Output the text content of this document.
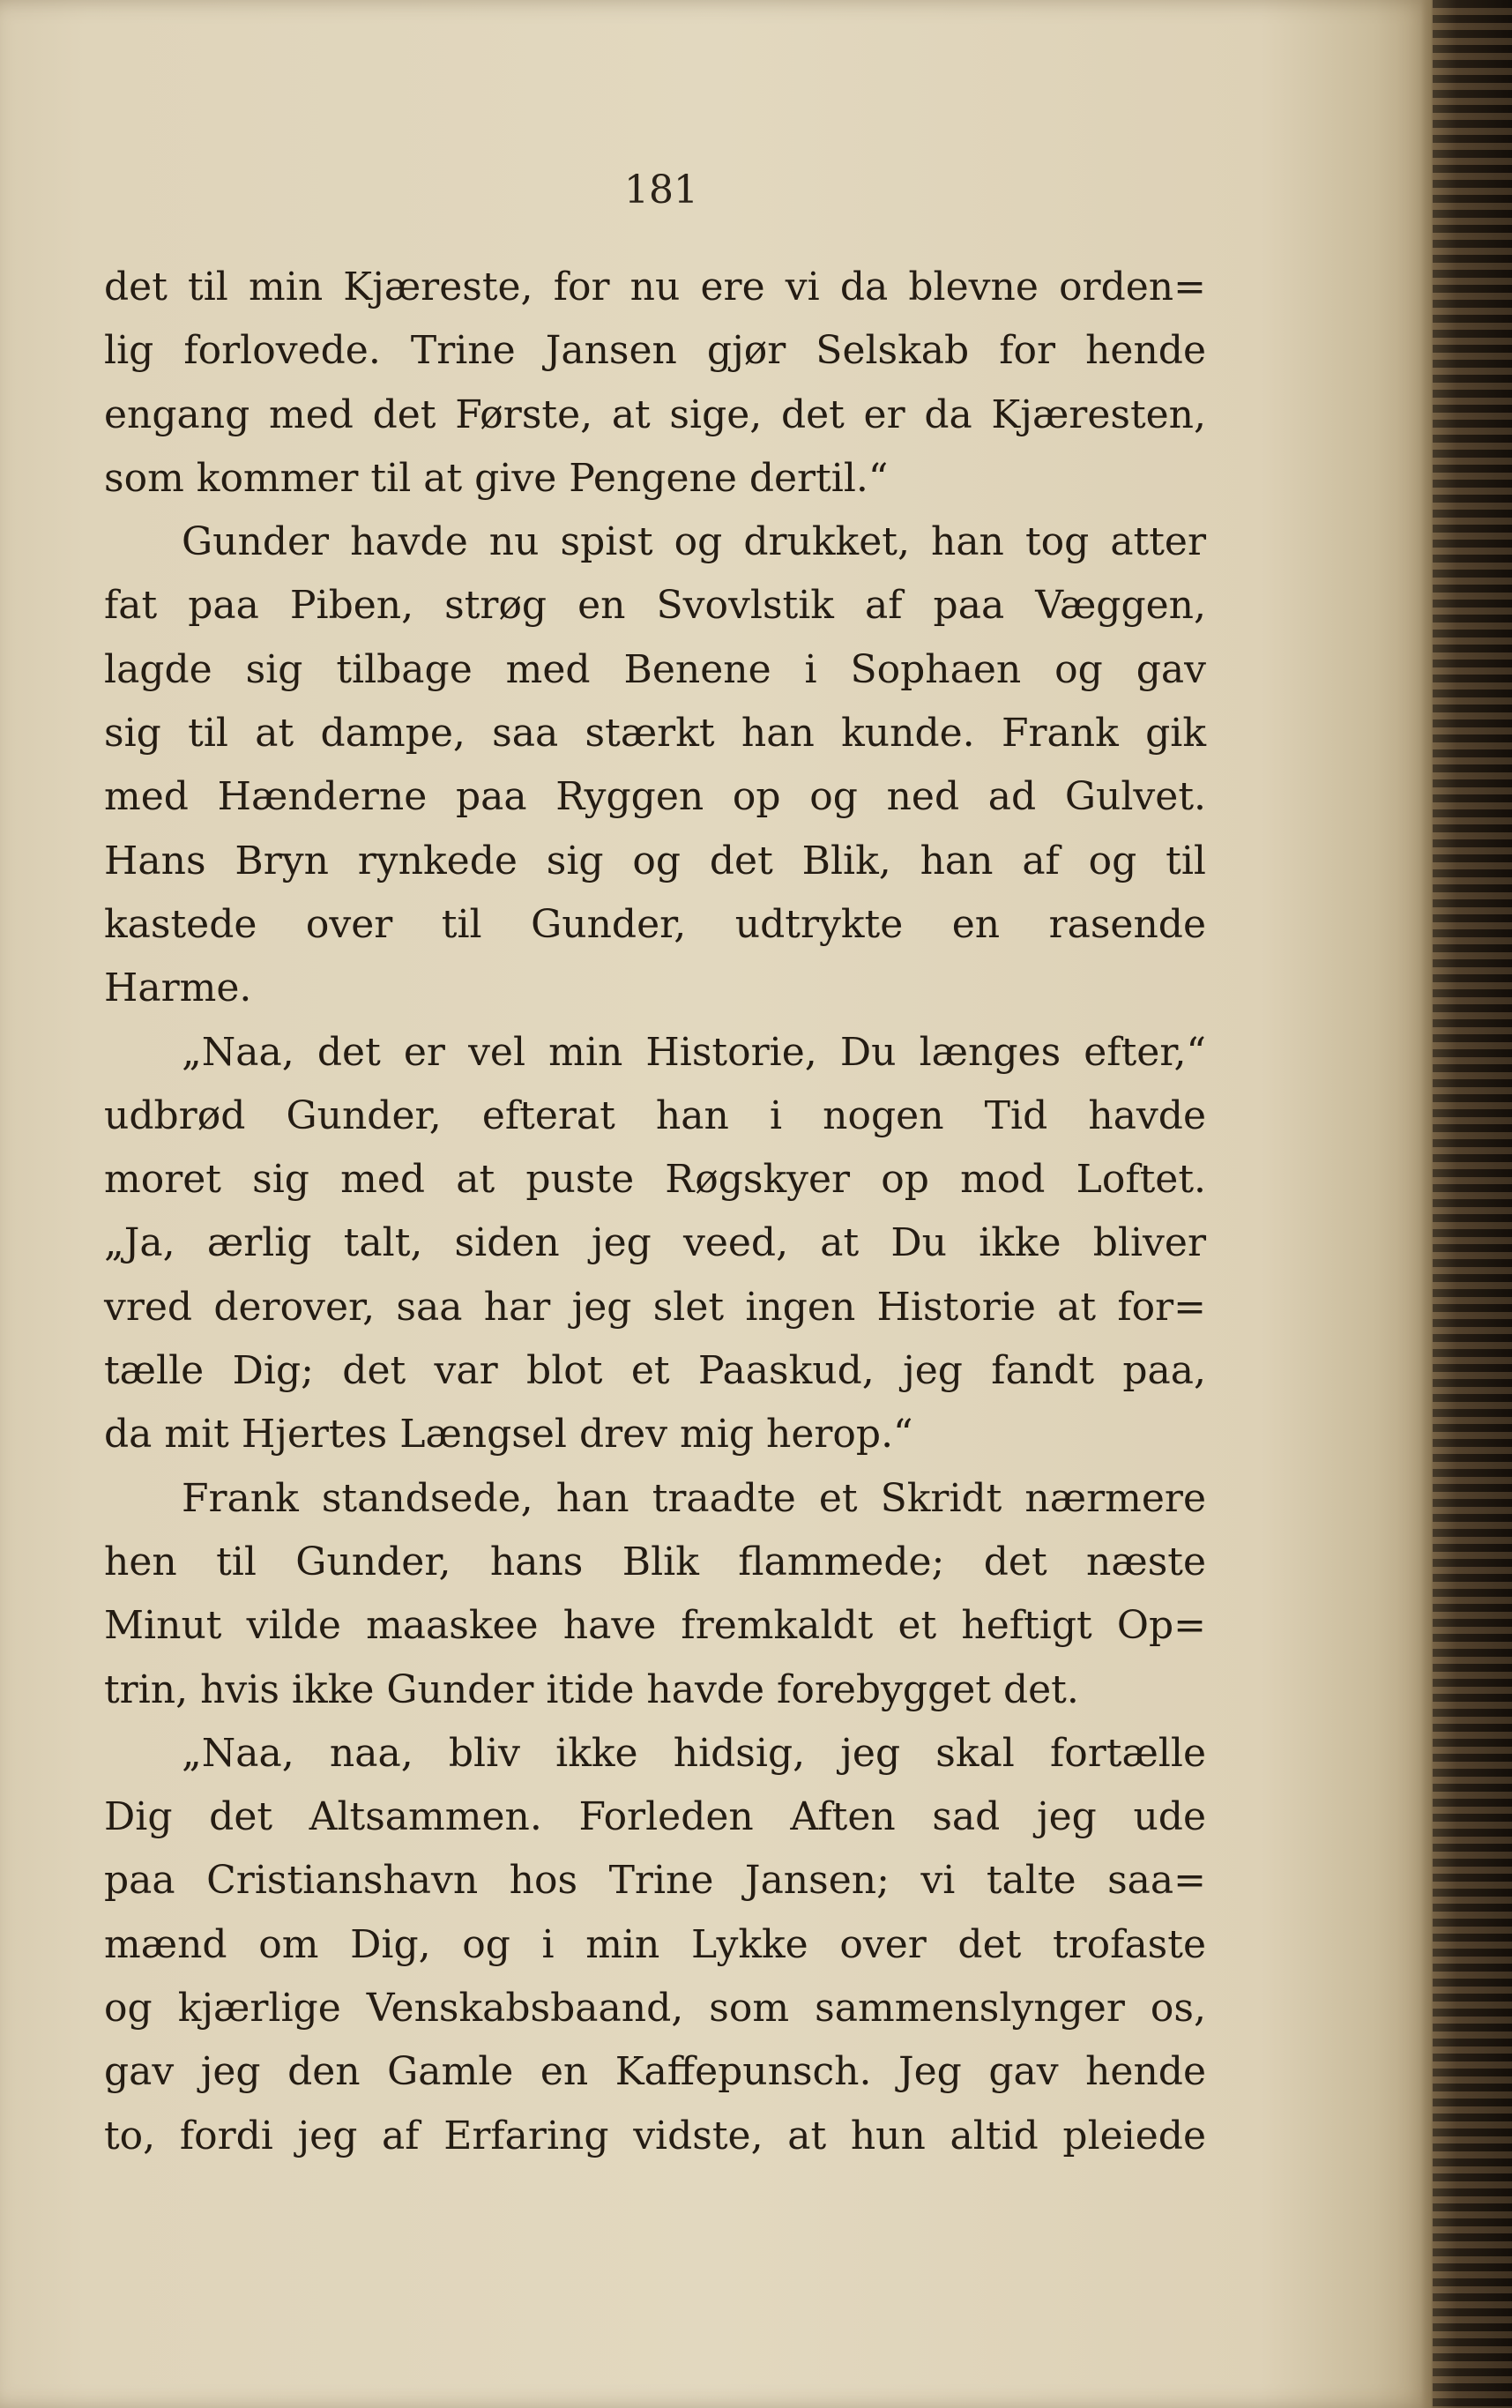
181
det til min Kjæreste, for nu ere vi da blevne orden=
lig forlovede. Trine Jansen gjør Selskab for hende
engang med det Første, at sige, det er da Kjæresten,
som kommer til at give Pengene dertil.“
Gunder havde nu spist og drukket, han tog atter
fat paa Piben, strøg en Svovlstik af paa Væggen,
lagde sig tilbage med Benene i Sophaen og gav
sig til at dampe, saa stærkt han kunde. Frank gik
med Hænderne paa Ryggen op og ned ad Gulvet.
Hans Bryn rynkede sig og det Blik, han af og til
kastede over til Gunder, udtrykte en rasende
Harme.
„Naa, det er vel min Historie, Du længes efter,“
udbrød Gunder, efterat han i nogen Tid havde
moret sig med at puste Røgskyer op mod Loftet.
„Ja, ærlig talt, siden jeg veed, at Du ikke bliver
vred derover, saa har jeg slet ingen Historie at for=
tælle Dig; det var blot et Paaskud, jeg fandt paa,
da mit Hjertes Længsel drev mig herop.“
Frank standsede, han traadte et Skridt nærmere
hen til Gunder, hans Blik flammede; det næste
Minut vilde maaskee have fremkaldt et heftigt Op=
trin, hvis ikke Gunder itide havde forebygget det.
„Naa, naa, bliv ikke hidsig, jeg skal fortælle
Dig det Altsammen. Forleden Aften sad jeg ude
paa Cristianshavn hos Trine Jansen; vi talte saa=
mænd om Dig, og i min Lykke over det trofaste
og kjærlige Venskabsbaand, som sammenslynger os,
gav jeg den Gamle en Kaffepunsch. Jeg gav hende
to, fordi jeg af Erfaring vidste, at hun altid pleiede
